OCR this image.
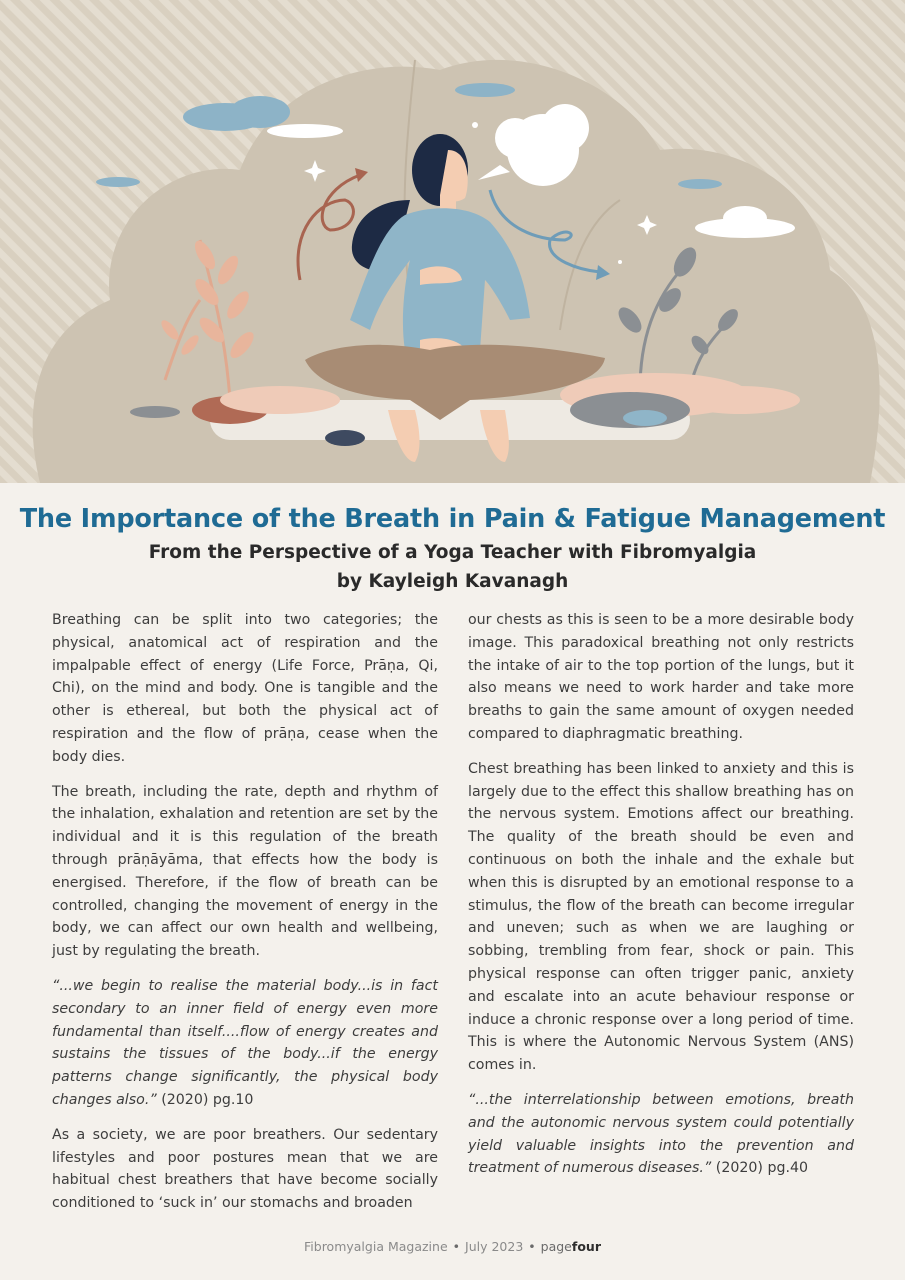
The Importance of the Breath in Pain & Fatigue Management
From the Perspective of a Yoga Teacher with Fibromyalgia
by Kayleigh Kavanagh

Breathing can be split into two categories; the physical, anatomical act of respiration and the impalpable effect of energy (Life Force, Prāṇa, Qi, Chi), on the mind and body. One is tangible and the other is ethereal, but both the physical act of respiration and the flow of prāṇa, cease when the body dies.

The breath, including the rate, depth and rhythm of the inhalation, exhalation and retention are set by the individual and it is this regulation of the breath through prāṇāyāma, that effects how the body is energised. Therefore, if the flow of breath can be controlled, changing the movement of energy in the body, we can affect our own health and wellbeing, just by regulating the breath.

“...we begin to realise the material body...is in fact secondary to an inner field of energy even more fundamental than itself....flow of energy creates and sustains the tissues of the body...if the energy patterns change significantly, the physical body changes also.” (2020) pg.10

As a society, we are poor breathers. Our sedentary lifestyles and poor postures mean that we are habitual chest breathers that have become socially conditioned to ‘suck in’ our stomachs and broaden

our chests as this is seen to be a more desirable body image. This paradoxical breathing not only restricts the intake of air to the top portion of the lungs, but it also means we need to work harder and take more breaths to gain the same amount of oxygen needed compared to diaphragmatic breathing.

Chest breathing has been linked to anxiety and this is largely due to the effect this shallow breathing has on the nervous system. Emotions affect our breathing. The quality of the breath should be even and continuous on both the inhale and the exhale but when this is disrupted by an emotional response to a stimulus, the flow of the breath can become irregular and uneven; such as when we are laughing or sobbing, trembling from fear, shock or pain. This physical response can often trigger panic, anxiety and escalate into an acute behaviour response or induce a chronic response over a long period of time. This is where the Autonomic Nervous System (ANS) comes in.

“...the interrelationship between emotions, breath and the autonomic nervous system could potentially yield valuable insights into the prevention and treatment of numerous diseases.” (2020) pg.40

Fibromyalgia Magazine • July 2023 • pagefour
